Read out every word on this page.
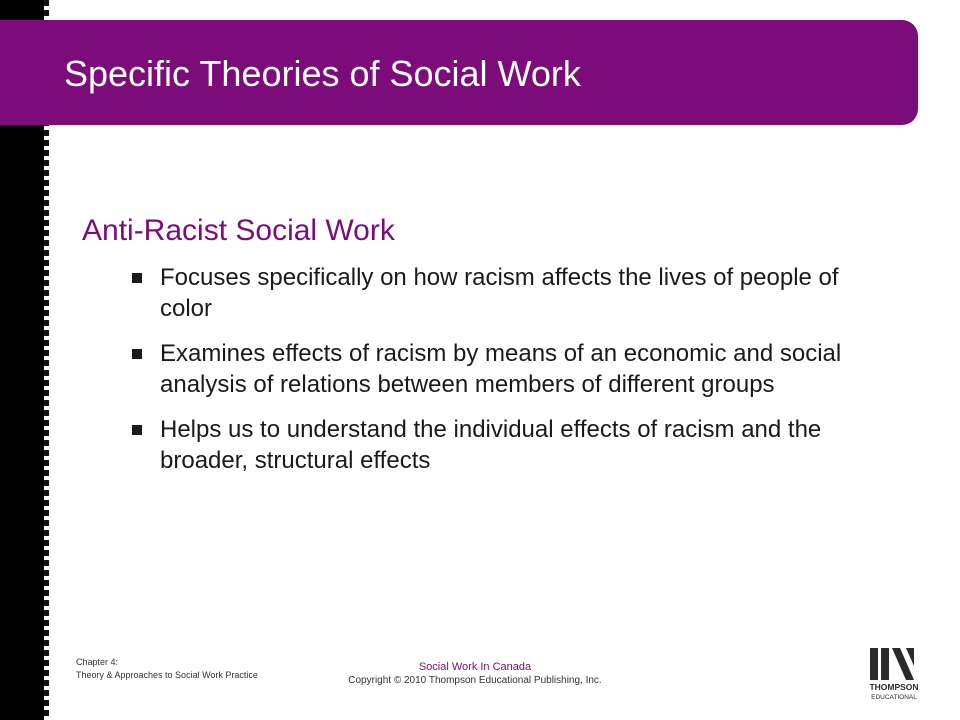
Specific Theories of Social Work
Anti-Racist Social Work
Focuses specifically on how racism affects the lives of people of color
Examines effects of racism by means of an economic and social analysis of relations between members of different groups
Helps us to understand the individual effects of racism and the broader, structural effects
Chapter 4:
Theory & Approaches to Social Work Practice
Social Work In Canada
Copyright © 2010 Thompson Educational Publishing, Inc.
THOMPSON
EDUCATIONAL
